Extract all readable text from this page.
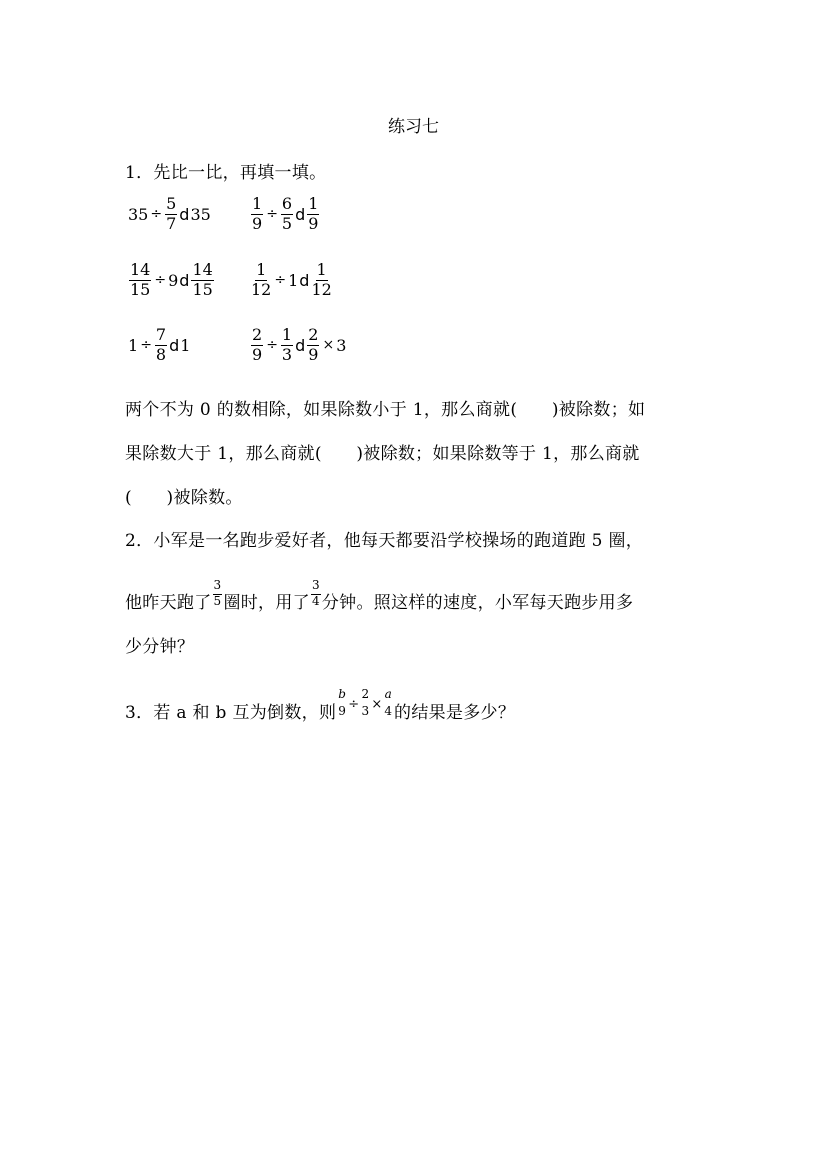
练习七
1．先比一比，再填一填。
$35 \div \frac{5}{7}$ d 35	$\frac{1}{9} \div \frac{6}{5}$ d $\frac{1}{9}$
$\frac{14}{15} \div 9$ d $\frac{14}{15} \frac{1}{12} \div 1$ d $\frac{1}{12}$
$1 \div \frac{7}{8}$ d 1	$\frac{2}{9} \div \frac{1}{3}$ d $\frac{2}{9} \times 3$
两个不为 0 的数相除，如果除数小于 1，那么商就(　　)被除数；如
果除数大于 1，那么商就(　　)被除数；如果除数等于 1，那么商就
(　　)被除数。
2．小军是一名跑步爱好者，他每天都要沿学校操场的跑道跑 5 圈，
他昨天跑了 $\frac{3}{5}$ 圈时，用了 $\frac{3}{4}$ 分钟。照这样的速度，小军每天跑步用多
少分钟？
3．若 a 和 b 互为倒数，则
b
9 ÷
2
3 ×
a
4 的结果是多少？
